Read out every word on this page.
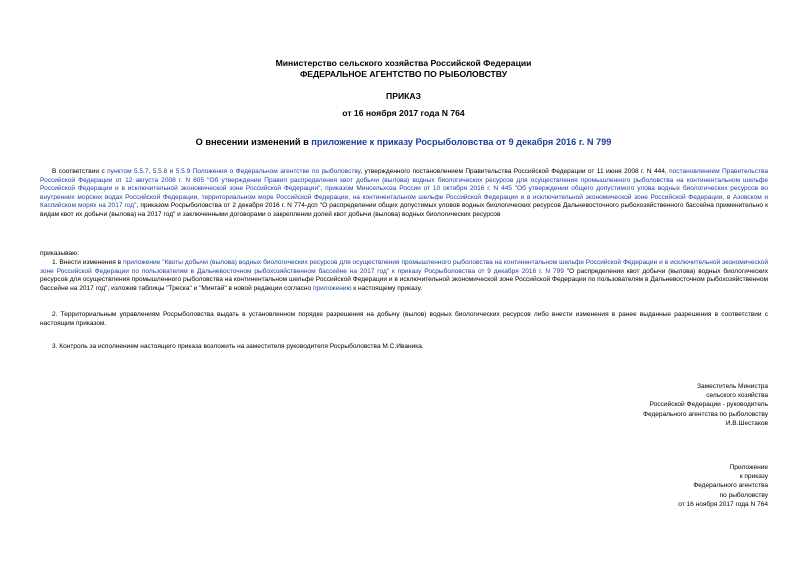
Министерство сельского хозяйства Российской Федерации
ФЕДЕРАЛЬНОЕ АГЕНТСТВО ПО РЫБОЛОВСТВУ
ПРИКАЗ
от 16 ноября 2017 года N 764
О внесении изменений в приложение к приказу Росрыболовства от 9 декабря 2016 г. N 799
В соответствии с пунктом 5.5.7, 5.5.8 и 5.5.9 Положения о Федеральном агентстве по рыболовству, утвержденного постановлением Правительства Российской Федерации от 11 июня 2008 г. N 444, постановлением Правительства Российской Федерации от 12 августа 2008 г. N 605 "Об утверждении Правил распределения квот добычи (вылова) водных биологических ресурсов для осуществления промышленного рыболовства на континентальном шельфе Российской Федерации и в исключительной экономической зоне Российской Федерации", приказом Минсельхоза России от 10 октября 2016 г. N 445 "Об утверждении общего допустимого улова водных биологических ресурсов во внутренних морских водах Российской Федерации, территориальном море Российской Федерации, на континентальном шельфе Российской Федерации и в исключительной экономической зоне Российской Федерации, в Азовском и Каспийском морях на 2017 год", приказом Росрыболовства от 2 декабря 2016 г. N 774-дсп "О распределении общих допустимых уловов водных биологических ресурсов Дальневосточного рыбохозяйственного бассейна применительно к видам квот их добычи (вылова) на 2017 год" и заключенными договорами о закреплении долей квот добычи (вылова) водных биологических ресурсов
приказываю:
1. Внести изменения в приложение "Квоты добычи (вылова) водных биологических ресурсов для осуществления промышленного рыболовства на континентальном шельфе Российской Федерации и в исключительной экономической зоне Российской Федерации по пользователям в Дальневосточном рыбохозяйственном бассейне на 2017 год" к приказу Росрыболовства от 9 декабря 2016 г. N 799 "О распределении квот добычи (вылова) водных биологических ресурсов для осуществления промышленного рыболовства на континентальном шельфе Российской Федерации и в исключительной экономической зоне Российской Федерации по пользователям в Дальневосточном рыбохозяйственном бассейне на 2017 год", изложив таблицы "Треска" и "Минтай" в новой редакции согласно приложению к настоящему приказу.
2. Территориальным управлениям Росрыболовства выдать в установленном порядке разрешения на добычу (вылов) водных биологических ресурсов либо внести изменения в ранее выданные разрешения в соответствии с настоящим приказом.
3. Контроль за исполнением настоящего приказа возложить на заместителя руководителя Росрыболовства М.С.Иваника.
Заместитель Министра
сельского хозяйства
Российской Федерации - руководитель
Федерального агентства по рыболовству
И.В.Шестаков
Приложение
к приказу
Федерального агентства
по рыболовству
от 16 ноября 2017 года N 764
